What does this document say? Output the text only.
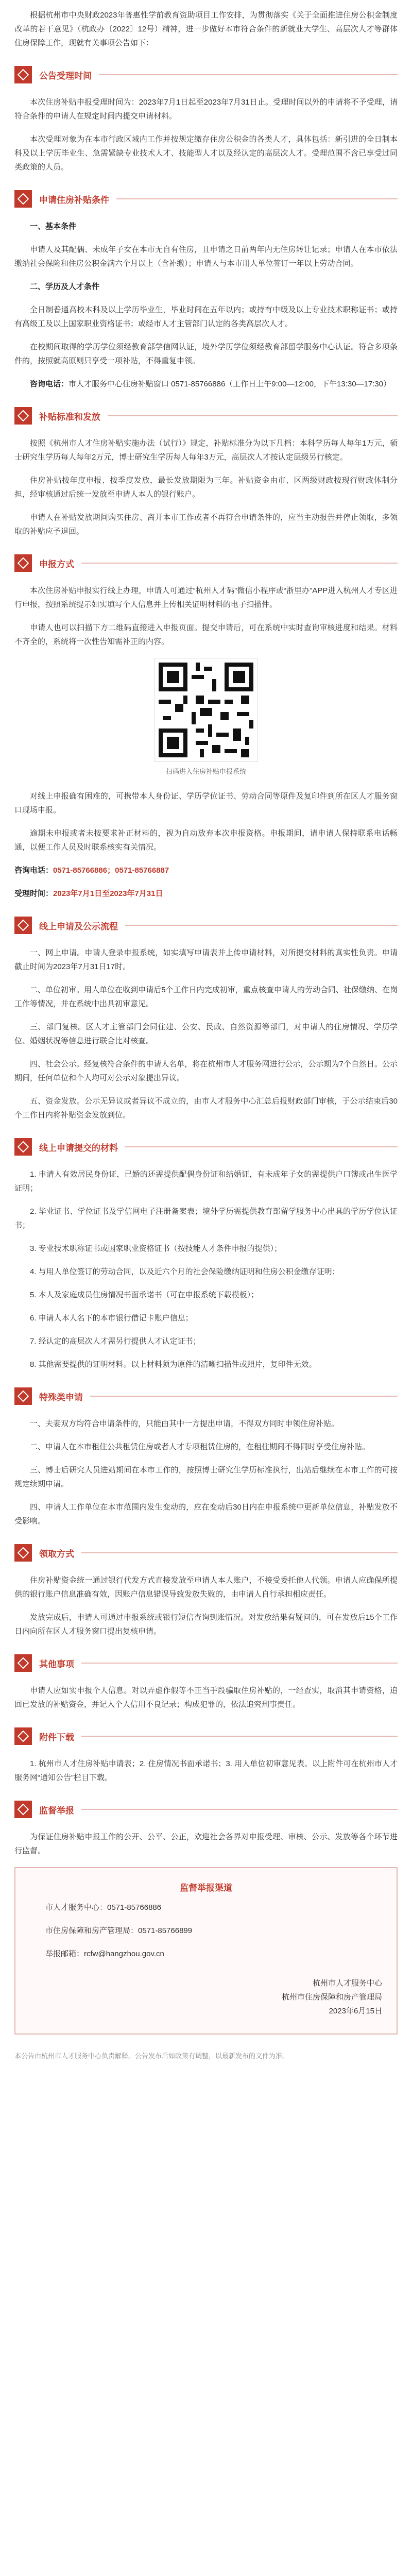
根据杭州市中央财政2023年普惠性学前教育资助项目工作安排，为贯彻落实《关于全面推进住房公积金制度改革的若干意见》（杭政办〔2022〕12号）精神，进一步做好本市符合条件的新就业大学生、高层次人才等群体住房保障工作，现就有关事项公告如下：

公告受理时间

本次住房补贴申报受理时间为：2023年7月1日起至2023年7月31日止。受理时间以外的申请将不予受理，请符合条件的申请人在规定时间内提交申请材料。

本次受理对象为在本市行政区域内工作并按规定缴存住房公积金的各类人才，具体包括：新引进的全日制本科及以上学历毕业生、急需紧缺专业技术人才、技能型人才以及经认定的高层次人才。受理范围不含已享受过同类政策的人员。

申请住房补贴条件

一、基本条件

申请人及其配偶、未成年子女在本市无自有住房，且申请之日前两年内无住房转让记录；申请人在本市依法缴纳社会保险和住房公积金满六个月以上（含补缴）；申请人与本市用人单位签订一年以上劳动合同。

二、学历及人才条件

全日制普通高校本科及以上学历毕业生，毕业时间在五年以内；或持有中级及以上专业技术职称证书；或持有高级工及以上国家职业资格证书；或经市人才主管部门认定的各类高层次人才。

在校期间取得的学历学位须经教育部学信网认证，境外学历学位须经教育部留学服务中心认证。符合多项条件的，按照就高原则只享受一项补贴，不得重复申领。

咨询电话：市人才服务中心住房补贴窗口 0571-85766886（工作日上午9:00—12:00，下午13:30—17:30）

补贴标准和发放

按照《杭州市人才住房补贴实施办法（试行）》规定，补贴标准分为以下几档：本科学历每人每年1万元，硕士研究生学历每人每年2万元，博士研究生学历每人每年3万元，高层次人才按认定层级另行核定。

住房补贴按年度申报、按季度发放，最长发放期限为三年。补贴资金由市、区两级财政按现行财政体制分担，经审核通过后统一发放至申请人本人的银行账户。

申请人在补贴发放期间购买住房、离开本市工作或者不再符合申请条件的，应当主动报告并停止领取，多领取的补贴应予退回。

申报方式

本次住房补贴申报实行线上办理，申请人可通过“杭州人才码”微信小程序或“浙里办”APP进入杭州人才专区进行申报，按照系统提示如实填写个人信息并上传相关证明材料的电子扫描件。

申请人也可以扫描下方二维码直接进入申报页面。提交申请后，可在系统中实时查询审核进度和结果。材料不齐全的，系统将一次性告知需补正的内容。

扫码进入住房补贴申报系统

对线上申报确有困难的，可携带本人身份证、学历学位证书、劳动合同等原件及复印件到所在区人才服务窗口现场申报。

逾期未申报或者未按要求补正材料的，视为自动放弃本次申报资格。申报期间，请申请人保持联系电话畅通，以便工作人员及时联系核实有关情况。

咨询电话：0571-85766886；0571-85766887

受理时间：2023年7月1日至2023年7月31日

线上申请及公示流程

一、网上申请。申请人登录申报系统，如实填写申请表并上传申请材料，对所提交材料的真实性负责。申请截止时间为2023年7月31日17时。

二、单位初审。用人单位在收到申请后5个工作日内完成初审，重点核查申请人的劳动合同、社保缴纳、在岗工作等情况，并在系统中出具初审意见。

三、部门复核。区人才主管部门会同住建、公安、民政、自然资源等部门，对申请人的住房情况、学历学位、婚姻状况等信息进行联合比对核查。

四、社会公示。经复核符合条件的申请人名单，将在杭州市人才服务网进行公示，公示期为7个自然日。公示期间，任何单位和个人均可对公示对象提出异议。

五、资金发放。公示无异议或者异议不成立的，由市人才服务中心汇总后报财政部门审核，于公示结束后30个工作日内将补贴资金发放到位。

线上申请提交的材料

1. 申请人有效居民身份证，已婚的还需提供配偶身份证和结婚证，有未成年子女的需提供户口簿或出生医学证明；

2. 毕业证书、学位证书及学信网电子注册备案表；境外学历需提供教育部留学服务中心出具的学历学位认证书；

3. 专业技术职称证书或国家职业资格证书（按技能人才条件申报的提供）；

4. 与用人单位签订的劳动合同，以及近六个月的社会保险缴纳证明和住房公积金缴存证明；

5. 本人及家庭成员住房情况书面承诺书（可在申报系统下载模板）；

6. 申请人本人名下的本市银行借记卡账户信息；

7. 经认定的高层次人才需另行提供人才认定证书；

8. 其他需要提供的证明材料。以上材料须为原件的清晰扫描件或照片，复印件无效。

特殊类申请

一、夫妻双方均符合申请条件的，只能由其中一方提出申请，不得双方同时申领住房补贴。

二、申请人在本市租住公共租赁住房或者人才专项租赁住房的，在租住期间不得同时享受住房补贴。

三、博士后研究人员进站期间在本市工作的，按照博士研究生学历标准执行，出站后继续在本市工作的可按规定续期申请。

四、申请人工作单位在本市范围内发生变动的，应在变动后30日内在申报系统中更新单位信息，补贴发放不受影响。

领取方式

住房补贴资金统一通过银行代发方式直接发放至申请人本人账户，不接受委托他人代领。申请人应确保所提供的银行账户信息准确有效，因账户信息错误导致发放失败的，由申请人自行承担相应责任。

发放完成后，申请人可通过申报系统或银行短信查询到账情况。对发放结果有疑问的，可在发放后15个工作日内向所在区人才服务窗口提出复核申请。

其他事项

申请人应如实申报个人信息。对以弄虚作假等不正当手段骗取住房补贴的，一经查实，取消其申请资格，追回已发放的补贴资金，并记入个人信用不良记录；构成犯罪的，依法追究刑事责任。

附件下载

1. 杭州市人才住房补贴申请表；2. 住房情况书面承诺书；3. 用人单位初审意见表。以上附件可在杭州市人才服务网“通知公告”栏目下载。

监督举报

为保证住房补贴申报工作的公开、公平、公正，欢迎社会各界对申报受理、审核、公示、发放等各个环节进行监督。

监督举报渠道

市人才服务中心：0571-85766886

市住房保障和房产管理局：0571-85766899

举报邮箱：rcfw@hangzhou.gov.cn

杭州市人才服务中心
杭州市住房保障和房产管理局
2023年6月15日

本公告由杭州市人才服务中心负责解释。公告发布后如政策有调整，以最新发布的文件为准。
